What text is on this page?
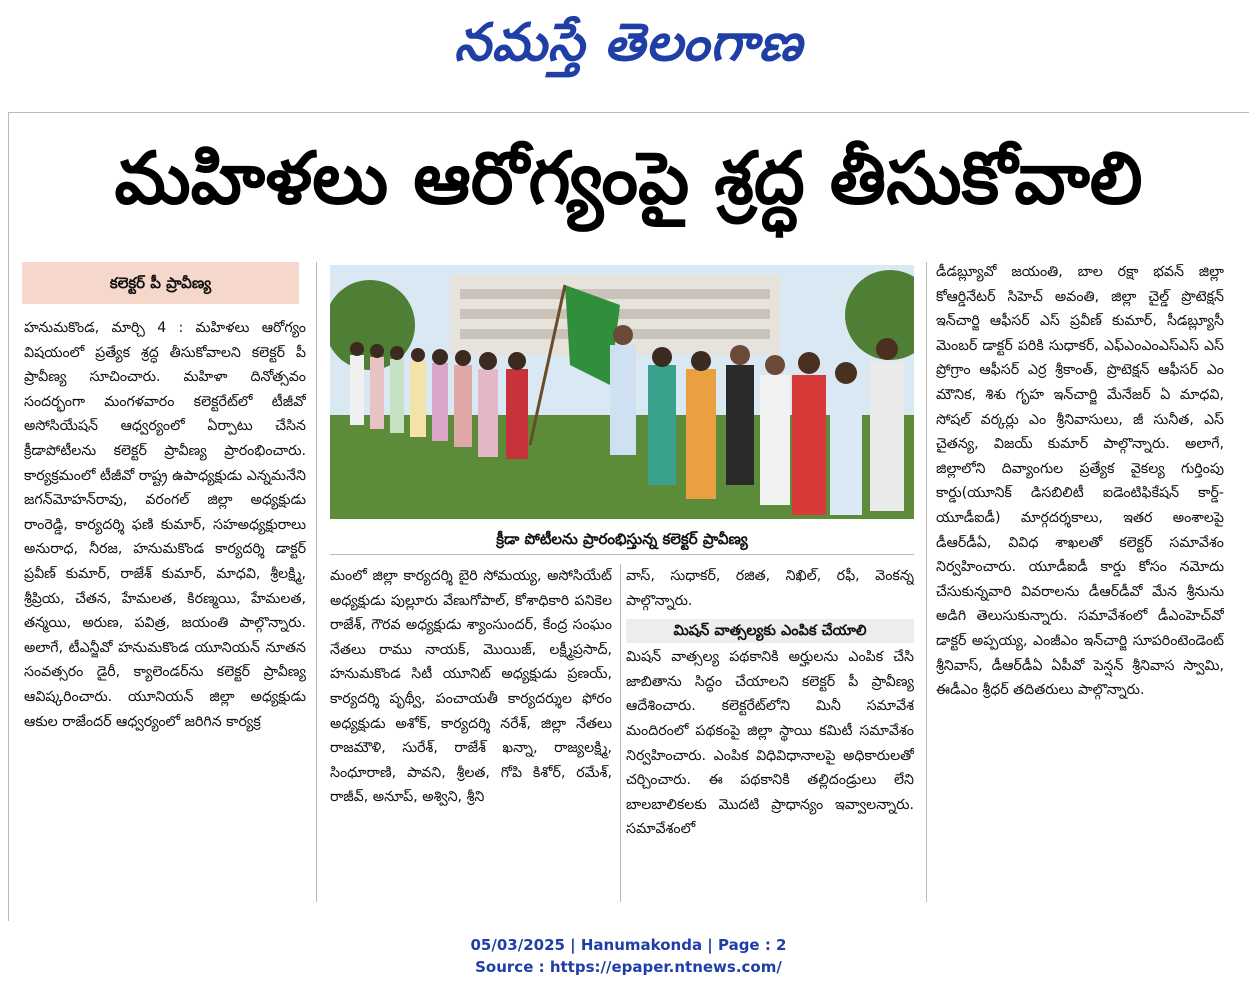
నమస్తే తెలంగాణ
మహిళలు ఆరోగ్యంపై శ్రద్ధ తీసుకోవాలి
కలెక్టర్ పీ ప్రావీణ్య

హనుమకొండ, మార్చి 4 : మహిళలు ఆరోగ్యం విషయంలో ప్రత్యేక శ్రద్ధ తీసుకోవాలని కలెక్టర్ పీ ప్రావీణ్య సూచించారు. మహిళా దినోత్సవం సందర్భంగా మంగళవారం కలెక్టరేట్‌లో టీజీవో అసోసియేషన్ ఆధ్వర్యంలో ఏర్పాటు చేసిన క్రీడాపోటీలను కలెక్టర్ ప్రావీణ్య ప్రారంభించారు. కార్యక్రమంలో టీజీవో రాష్ట్ర ఉపాధ్యక్షుడు ఎన్నమనేని జగన్‌మోహన్‌రావు, వరంగల్ జిల్లా అధ్యక్షుడు రాంరెడ్డి, కార్యదర్శి ఫణి కుమార్, సహఅధ్యక్షురాలు అనురాధ, నీరజ, హనుమకొండ కార్యదర్శి డాక్టర్ ప్రవీణ్ కుమార్, రాజేశ్ కుమార్, మాధవి, శ్రీలక్ష్మి, శ్రీప్రియ, చేతన, హేమలత, కిరణ్మయి, హేమలత, తన్మయి, అరుణ, పవిత్ర, జయంతి పాల్గొన్నారు. అలాగే, టీఎన్జీవో హనుమకొండ యూనియన్ నూతన సంవత్సరం డైరీ, క్యాలెండర్‌ను కలెక్టర్ ప్రావీణ్య ఆవిష్కరించారు. యూనియన్ జిల్లా అధ్యక్షుడు ఆకుల రాజేందర్ ఆధ్వర్యంలో జరిగిన కార్యక్ర

క్రీడా పోటీలను ప్రారంభిస్తున్న కలెక్టర్ ప్రావీణ్య

మంలో జిల్లా కార్యదర్శి బైరి సోమయ్య, అసోసియేట్ అధ్యక్షుడు పుల్లూరు వేణుగోపాల్, కోశాధికారి పనికెల రాజేశ్, గౌరవ అధ్యక్షుడు శ్యాంసుందర్, కేంద్ర సంఘం నేతలు రాము నాయక్, మొయిజ్, లక్ష్మీప్రసాద్, హనుమకొండ సిటీ యూనిట్ అధ్యక్షుడు ప్రణయ్, కార్యదర్శి పృథ్వీ, పంచాయతీ కార్యదర్శుల ఫోరం అధ్యక్షుడు అశోక్, కార్యదర్శి నరేశ్, జిల్లా నేతలు రాజమౌళి, సురేశ్, రాజేశ్ ఖన్నా, రాజ్యలక్ష్మి, సింధూరాణి, పావని, శ్రీలత, గోపి కిశోర్, రమేశ్, రాజీవ్, అనూప్, అశ్విని, శ్రీని

వాస్, సుధాకర్, రజిత, నిఖిల్, రఫీ, వెంకన్న పాల్గొన్నారు.

మిషన్ వాత్సల్యకు ఎంపిక చేయాలి

మిషన్ వాత్సల్య పథకానికి అర్హులను ఎంపిక చేసి జాబితాను సిద్ధం చేయాలని కలెక్టర్ పీ ప్రావీణ్య ఆదేశించారు. కలెక్టరేట్‌లోని మినీ సమావేశ మందిరంలో పథకంపై జిల్లా స్థాయి కమిటీ సమావేశం నిర్వహించారు. ఎంపిక విధివిధానాలపై అధికారులతో చర్చించారు. ఈ పథకానికి తల్లిదండ్రులు లేని బాలబాలికలకు మొదటి ప్రాధాన్యం ఇవ్వాలన్నారు. సమావేశంలో

డీడబ్ల్యూవో జయంతి, బాల రక్షా భవన్ జిల్లా కోఆర్డినేటర్ సిహెచ్ అవంతి, జిల్లా చైల్డ్ ప్రొటెక్షన్ ఇన్‌చార్జి ఆఫీసర్ ఎస్ ప్రవీణ్ కుమార్, సీడబ్ల్యూసీ మెంబర్ డాక్టర్ పరికి సుధాకర్, ఎఫ్‌ఎంఎంఎస్‌ఎస్ ఎస్ ప్రోగ్రాం ఆఫీసర్ ఎర్ర శ్రీకాంత్, ప్రొటెక్షన్ ఆఫీసర్ ఎం మౌనిక, శిశు గృహ ఇన్‌చార్జి మేనేజర్ ఏ మాధవి, సోషల్ వర్కర్లు ఎం శ్రీనివాసులు, జీ సునీత, ఎస్ చైతన్య, విజయ్ కుమార్ పాల్గొన్నారు. అలాగే, జిల్లాలోని దివ్యాంగుల ప్రత్యేక వైకల్య గుర్తింపు కార్డు(యూనిక్ డిసబిలిటీ ఐడెంటిఫికేషన్ కార్డ్-యూడీఐడీ) మార్గదర్శకాలు, ఇతర అంశాలపై డీఆర్‌డీఏ, వివిధ శాఖలతో కలెక్టర్ సమావేశం నిర్వహించారు. యూడీఐడీ కార్డు కోసం నమోదు చేసుకున్నవారి వివరాలను డీఆర్‌డీవో మేన శ్రీనును అడిగి తెలుసుకున్నారు. సమావేశంలో డీఎంహెచ్‌వో డాక్టర్ అప్పయ్య, ఎంజీఎం ఇన్‌చార్జి సూపరింటెండెంట్ శ్రీనివాస్, డీఆర్‌డీఏ ఏపీవో పెన్షన్ శ్రీనివాస స్వామి, ఈడీఎం శ్రీధర్ తదితరులు పాల్గొన్నారు.

05/03/2025 | Hanumakonda | Page : 2
Source : https://epaper.ntnews.com/
